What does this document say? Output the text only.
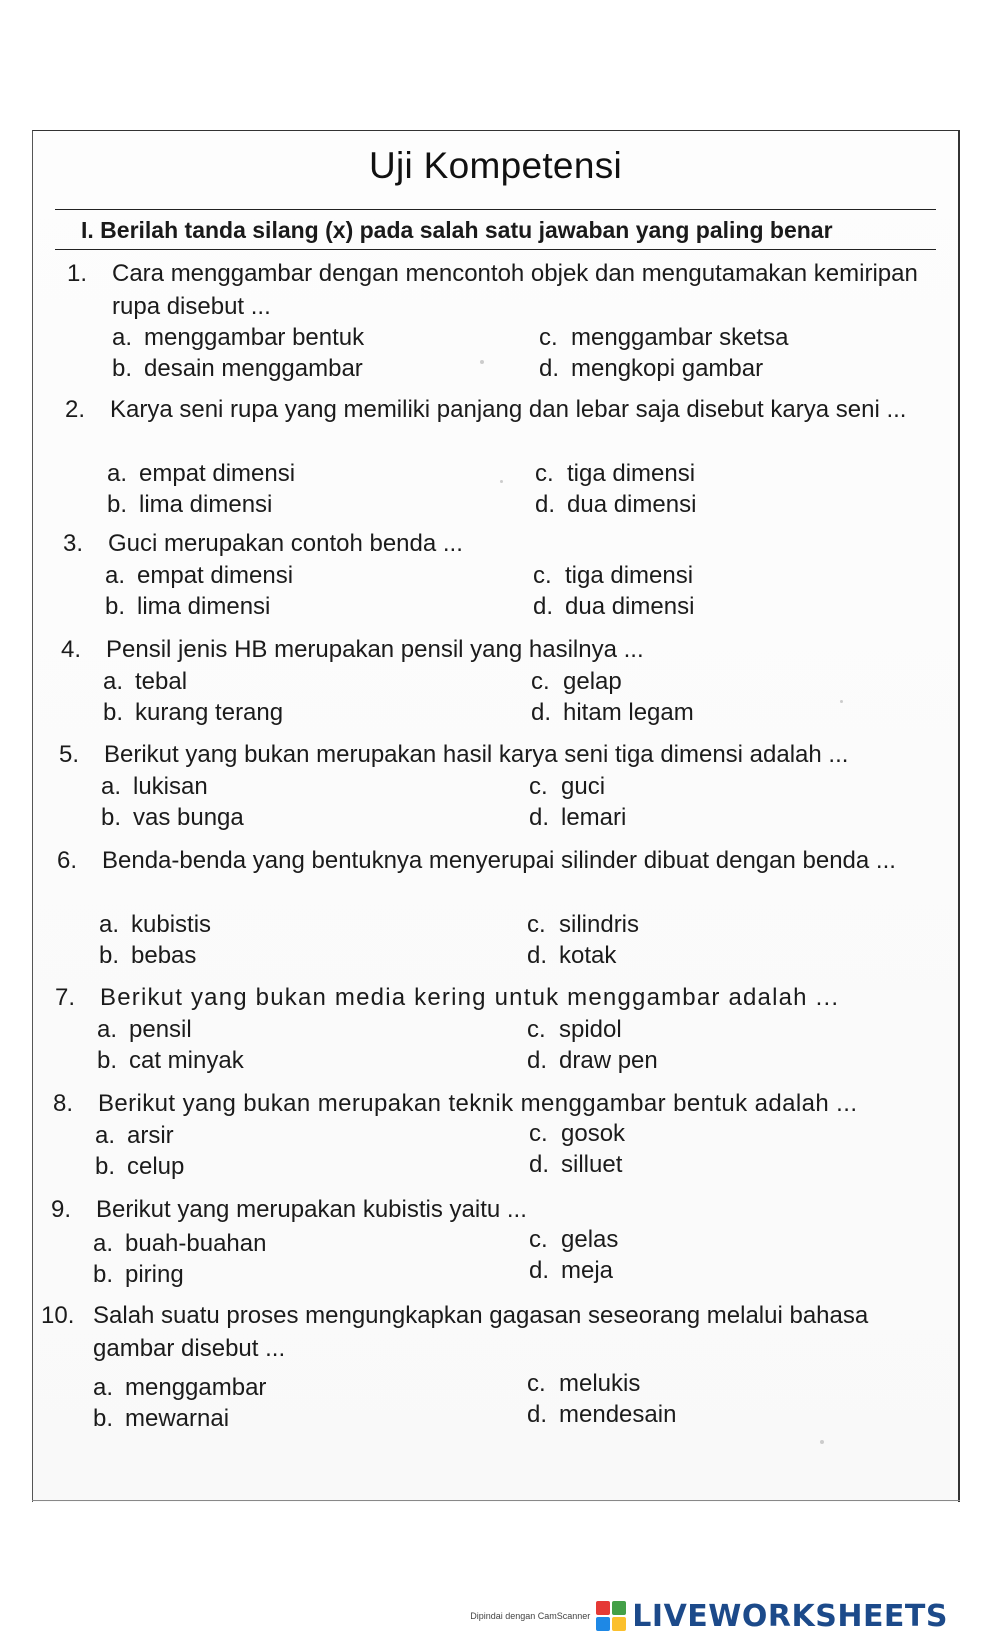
Uji Kompetensi
I. Berilah tanda silang (x) pada salah satu jawaban yang paling benar
1. Cara menggambar dengan mencontoh objek dan mengutamakan kemiripan rupa disebut ...
a. menggambar bentuk
b. desain menggambar
c. menggambar sketsa
d. mengkopi gambar
2. Karya seni rupa yang memiliki panjang dan lebar saja disebut karya seni ...
a. empat dimensi
b. lima dimensi
c. tiga dimensi
d. dua dimensi
3. Guci merupakan contoh benda ...
a. empat dimensi
b. lima dimensi
c. tiga dimensi
d. dua dimensi
4. Pensil jenis HB merupakan pensil yang hasilnya ...
a. tebal
b. kurang terang
c. gelap
d. hitam legam
5. Berikut yang bukan merupakan hasil karya seni tiga dimensi adalah ...
a. lukisan
b. vas bunga
c. guci
d. lemari
6. Benda-benda yang bentuknya menyerupai silinder dibuat dengan benda ...
a. kubistis
b. bebas
c. silindris
d. kotak
7. Berikut yang bukan media kering untuk menggambar adalah ...
a. pensil
b. cat minyak
c. spidol
d. draw pen
8. Berikut yang bukan merupakan teknik menggambar bentuk adalah ...
a. arsir
b. celup
c. gosok
d. silluet
9. Berikut yang merupakan kubistis yaitu ...
a. buah-buahan
b. piring
c. gelas
d. meja
10. Salah suatu proses mengungkapkan gagasan seseorang melalui bahasa gambar disebut ...
a. menggambar
b. mewarnai
c. melukis
d. mendesain
Dipindai dengan CamScanner LIVEWORKSHEETS
